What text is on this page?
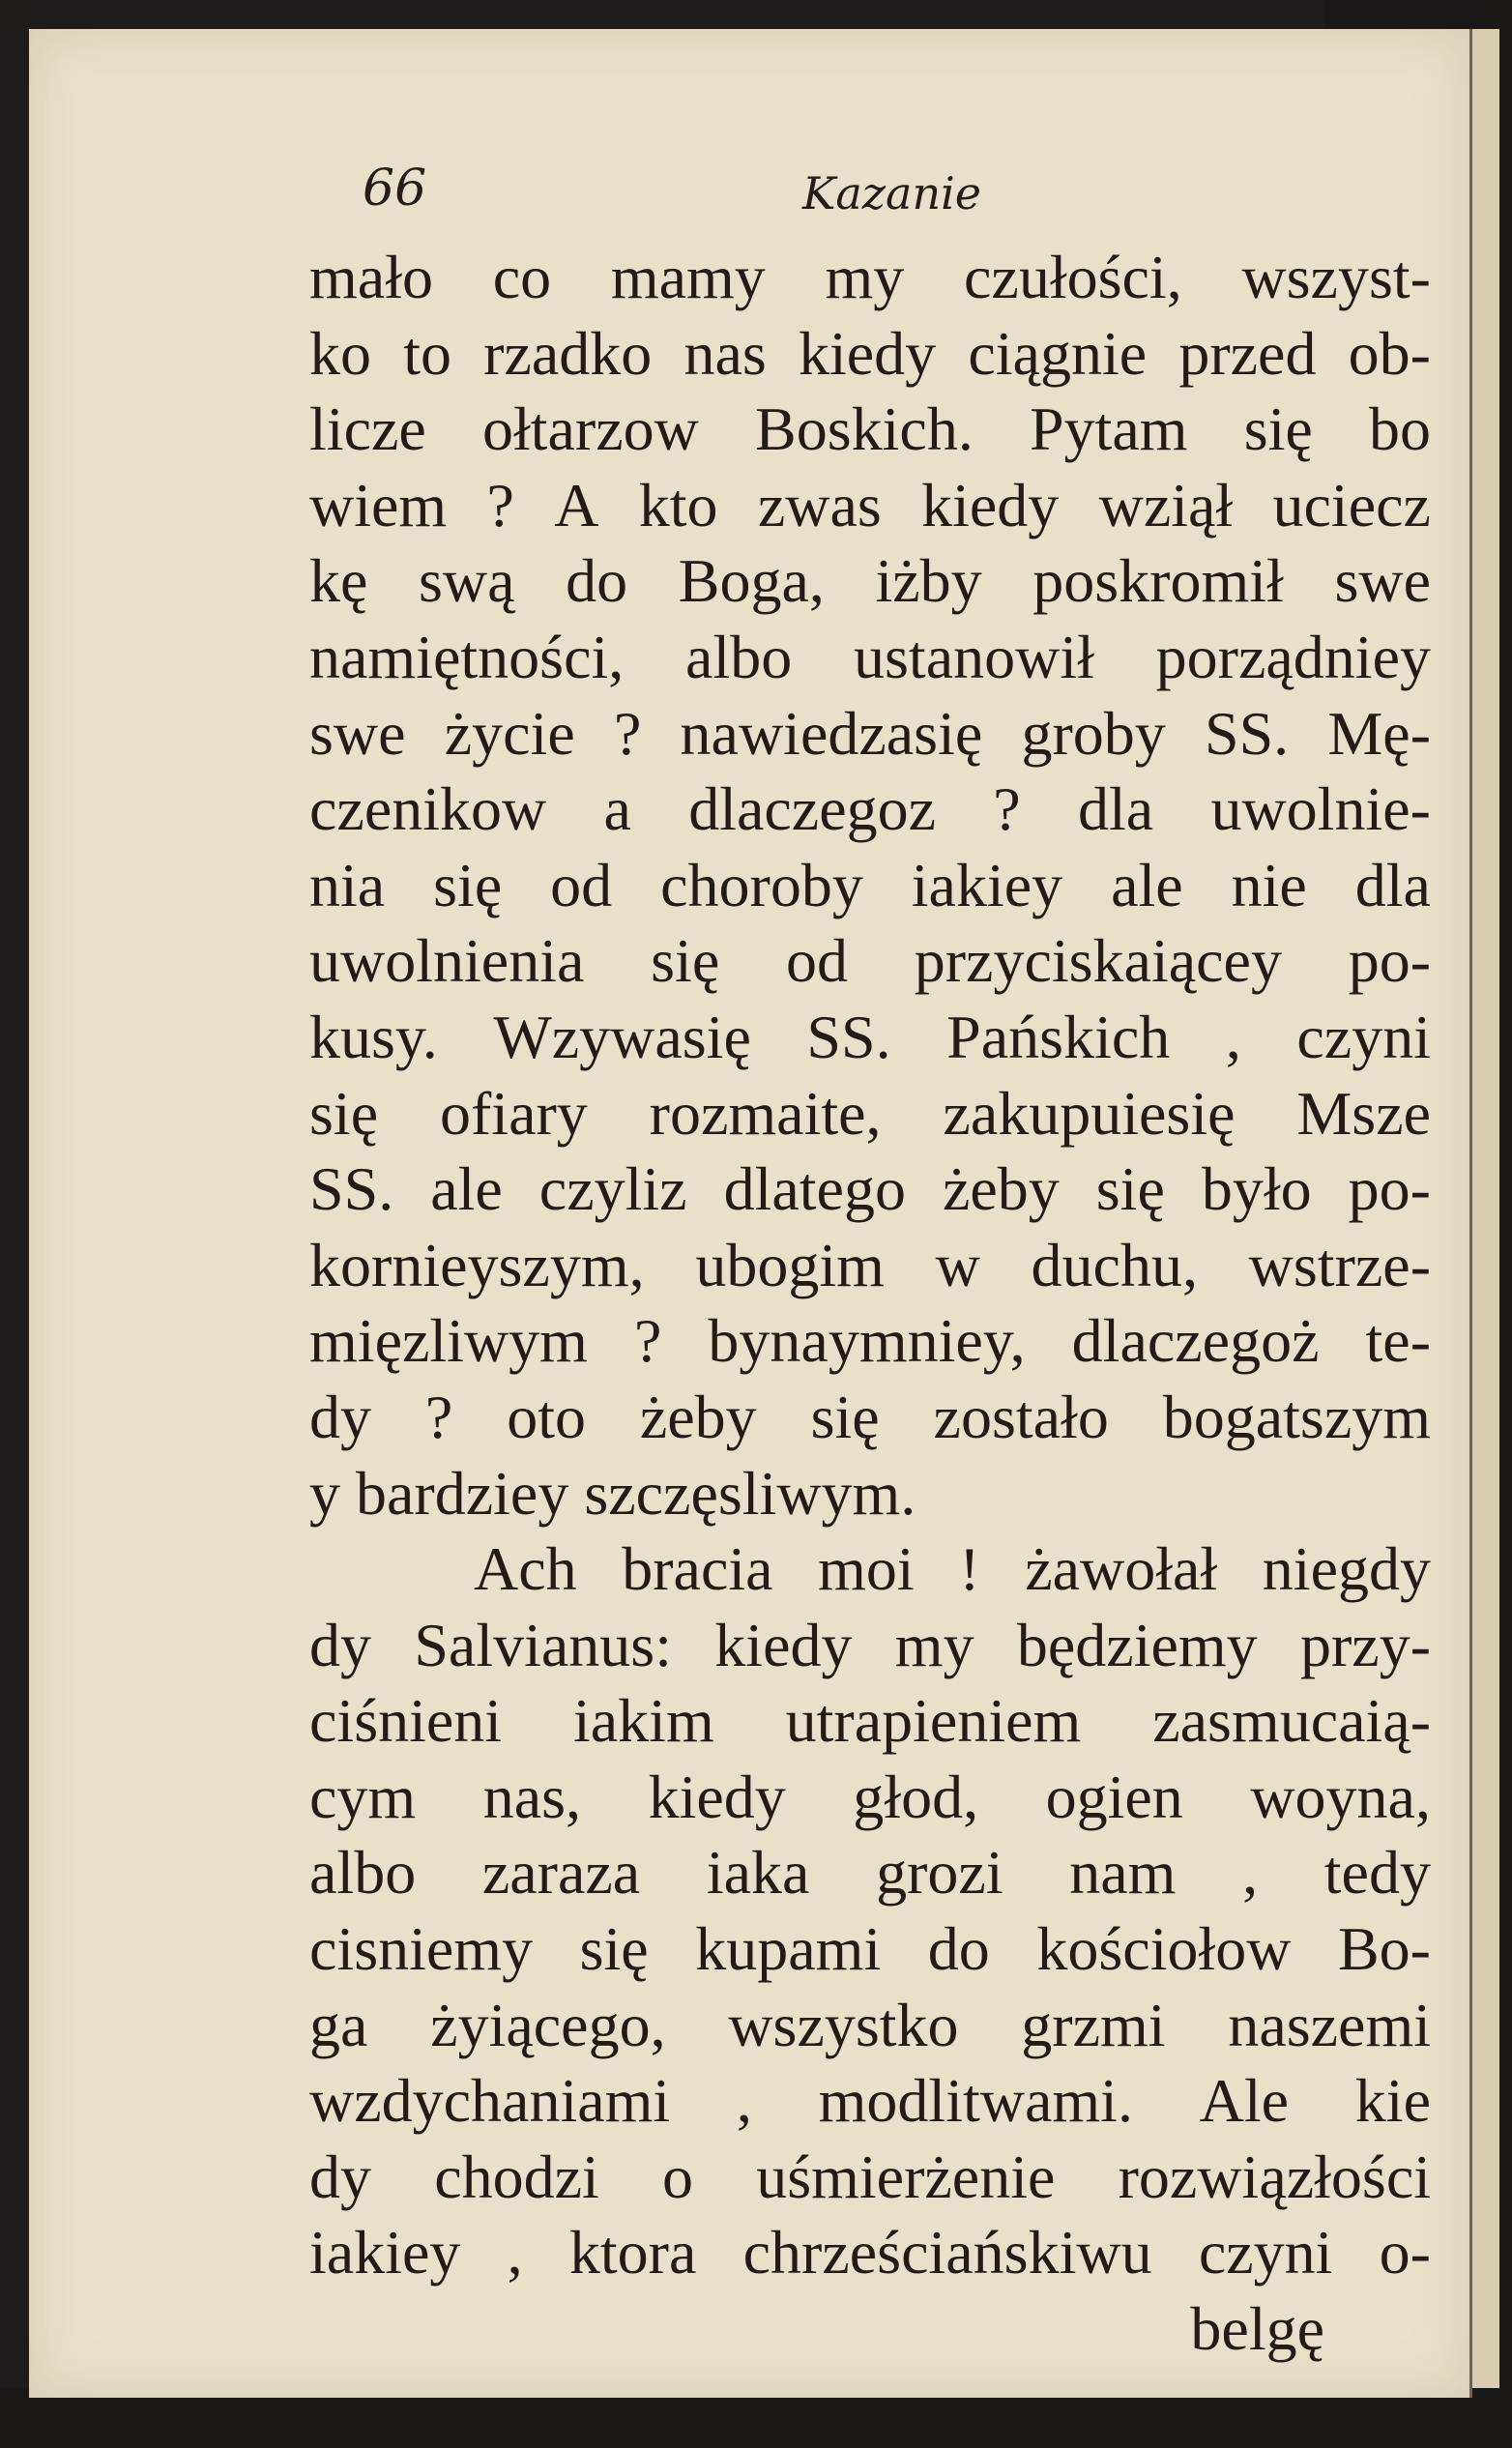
66	Kazanie
mało co mamy my czułości, wszyst-
ko to rzadko nas kiedy ciągnie przed ob-
licze ołtarzow Boskich. Pytam się bo
wiem ? A kto zwas kiedy wziął uciecz
kę swą do Boga, iżby poskromił swe
namiętności, albo ustanowił porządniey
swe życie ? nawiedzasię groby SS. Mę-
czenikow a dlaczegoz ? dla uwolnie-
nia się od choroby iakiey ale nie dla
uwolnienia się od przyciskaiącey po-
kusy. Wzywasię SS. Pańskich , czyni
się ofiary rozmaite, zakupuiesię Msze
SS. ale czyliz dlatego żeby się było po-
kornieyszym, ubogim w duchu, wstrze-
mięzliwym ? bynaymniey, dlaczegoż te-
dy ? oto żeby się zostało bogatszym
y bardziey szczęsliwym.
Ach bracia moi ! żawołał niegdy
dy Salvianus: kiedy my będziemy przy-
ciśnieni iakim utrapieniem zasmucaią-
cym nas, kiedy głod, ogien woyna,
albo zaraza iaka grozi nam , tedy
cisniemy się kupami do kościołow Bo-
ga żyiącego, wszystko grzmi naszemi
wzdychaniami , modlitwami. Ale kie
dy chodzi o uśmierżenie rozwiązłości
iakiey , ktora chrześciańskiwu czyni o-
belgę
